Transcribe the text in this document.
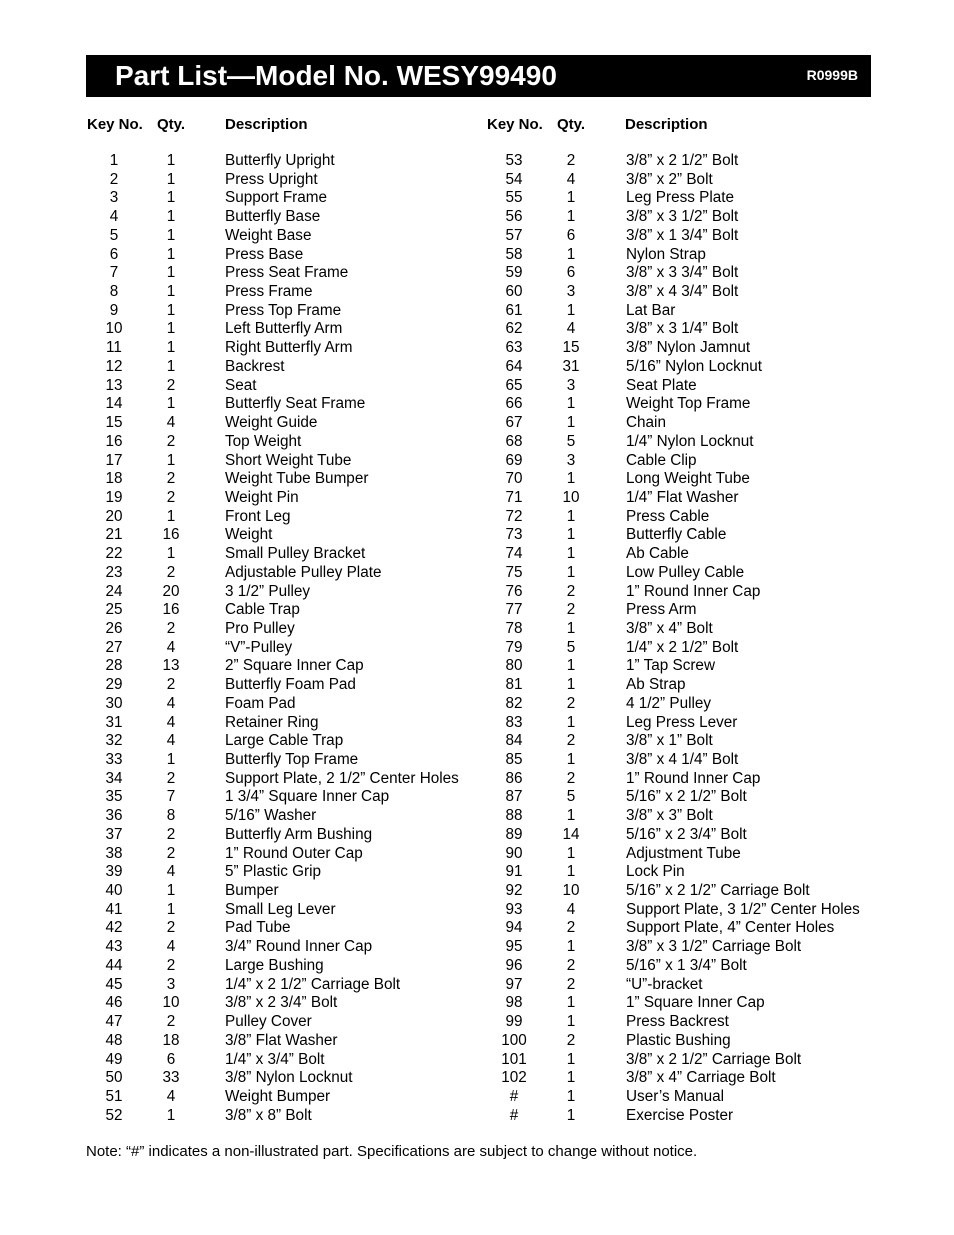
Part List—Model No. WESY99490	R0999B
Key No. Qty.	Description	Key No. Qty.	Description
1	1	Butterfly Upright
2	1	Press Upright
3	1	Support Frame
4	1	Butterfly Base
5	1	Weight Base
6	1	Press Base
7	1	Press Seat Frame
8	1	Press Frame
9	1	Press Top Frame
10	1	Left Butterfly Arm
11	1	Right Butterfly Arm
12	1	Backrest
13	2	Seat
14	1	Butterfly Seat Frame
15	4	Weight Guide
16	2	Top Weight
17	1	Short Weight Tube
18	2	Weight Tube Bumper
19	2	Weight Pin
20	1	Front Leg
21	16	Weight
22	1	Small Pulley Bracket
23	2	Adjustable Pulley Plate
24	20	3 1/2” Pulley
25	16	Cable Trap
26	2	Pro Pulley
27	4	“V”-Pulley
28	13	2” Square Inner Cap
29	2	Butterfly Foam Pad
30	4	Foam Pad
31	4	Retainer Ring
32	4	Large Cable Trap
33	1	Butterfly Top Frame
34	2	Support Plate, 2 1/2” Center Holes
35	7	1 3/4” Square Inner Cap
36	8	5/16” Washer
37	2	Butterfly Arm Bushing
38	2	1” Round Outer Cap
39	4	5” Plastic Grip
40	1	Bumper
41	1	Small Leg Lever
42	2	Pad Tube
43	4	3/4” Round Inner Cap
44	2	Large Bushing
45	3	1/4” x 2 1/2” Carriage Bolt
46	10	3/8” x 2 3/4” Bolt
47	2	Pulley Cover
48	18	3/8” Flat Washer
49	6	1/4” x 3/4” Bolt
50	33	3/8” Nylon Locknut
51	4	Weight Bumper
52	1	3/8” x 8” Bolt
53	2	3/8” x 2 1/2” Bolt
54	4	3/8” x 2” Bolt
55	1	Leg Press Plate
56	1	3/8” x 3 1/2” Bolt
57	6	3/8” x 1 3/4” Bolt
58	1	Nylon Strap
59	6	3/8” x 3 3/4” Bolt
60	3	3/8” x 4 3/4” Bolt
61	1	Lat Bar
62	4	3/8” x 3 1/4” Bolt
63	15	3/8” Nylon Jamnut
64	31	5/16” Nylon Locknut
65	3	Seat Plate
66	1	Weight Top Frame
67	1	Chain
68	5	1/4” Nylon Locknut
69	3	Cable Clip
70	1	Long Weight Tube
71	10	1/4” Flat Washer
72	1	Press Cable
73	1	Butterfly Cable
74	1	Ab Cable
75	1	Low Pulley Cable
76	2	1” Round Inner Cap
77	2	Press Arm
78	1	3/8” x 4” Bolt
79	5	1/4” x 2 1/2” Bolt
80	1	1” Tap Screw
81	1	Ab Strap
82	2	4 1/2” Pulley
83	1	Leg Press Lever
84	2	3/8” x 1” Bolt
85	1	3/8” x 4 1/4” Bolt
86	2	1” Round Inner Cap
87	5	5/16” x 2 1/2” Bolt
88	1	3/8” x 3” Bolt
89	14	5/16” x 2 3/4” Bolt
90	1	Adjustment Tube
91	1	Lock Pin
92	10	5/16” x 2 1/2” Carriage Bolt
93	4	Support Plate, 3 1/2” Center Holes
94	2	Support Plate, 4” Center Holes
95	1	3/8” x 3 1/2” Carriage Bolt
96	2	5/16” x 1 3/4” Bolt
97	2	“U”-bracket
98	1	1” Square Inner Cap
99	1	Press Backrest
100	2	Plastic Bushing
101	1	3/8” x 2 1/2” Carriage Bolt
102	1	3/8” x 4” Carriage Bolt
#	1	User’s Manual
#	1	Exercise Poster
Note: “#” indicates a non-illustrated part. Specifications are subject to change without notice.
